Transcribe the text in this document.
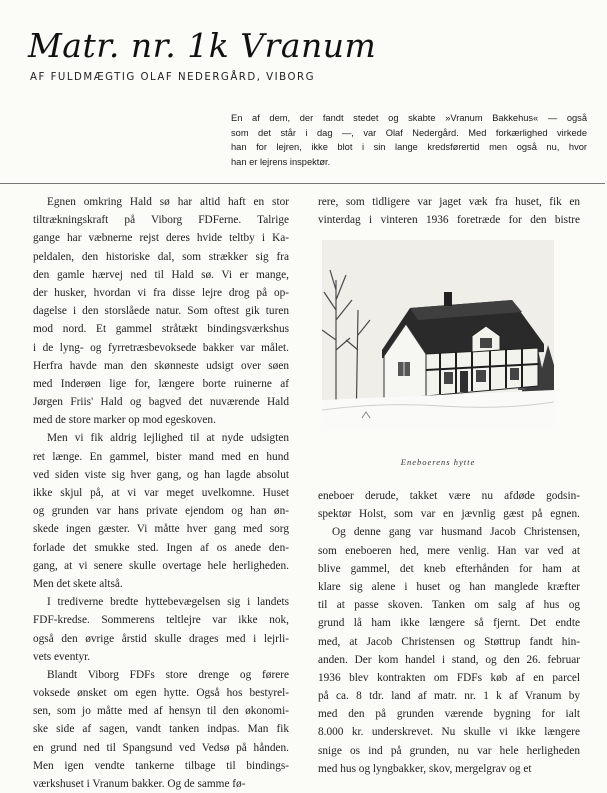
Matr. nr. 1k Vranum
AF FULDMÆGTIG OLAF NEDERGÅRD, VIBORG
En af dem, der fandt stedet og skabte »Vranum Bakkehus« — også
som det står i dag —, var Olaf Nedergård. Med forkærlighed virkede
han for lejren, ikke blot i sin lange kredsførertid men også nu, hvor
han er lejrens inspektør.
Egnen omkring Hald sø har altid haft en stor
tiltrækningskraft på Viborg FDFerne. Talrige
gange har væbnerne rejst deres hvide teltby i Ka-
peldalen, den historiske dal, som strækker sig fra
den gamle hærvej ned til Hald sø. Vi er mange,
der husker, hvordan vi fra disse lejre drog på op-
dagelse i den storslåede natur. Som oftest gik turen
mod nord. Et gammel stråtækt bindingsværkshus
i de lyng- og fyrretræsbevoksede bakker var målet.
Herfra havde man den skønneste udsigt over søen
med Inderøen lige for, længere borte ruinerne af
Jørgen Friis' Hald og bagved det nuværende Hald
med de store marker op mod egeskoven.
Men vi fik aldrig lejlighed til at nyde udsigten
ret længe. En gammel, bister mand med en hund
ved siden viste sig hver gang, og han lagde absolut
ikke skjul på, at vi var meget uvelkomne. Huset
og grunden var hans private ejendom og han øn-
skede ingen gæster. Vi måtte hver gang med sorg
forlade det smukke sted. Ingen af os anede den-
gang, at vi senere skulle overtage hele herligheden.
Men det skete altså.
I trediverne bredte hyttebevægelsen sig i landets
FDF-kredse. Sommerens teltlejre var ikke nok,
også den øvrige årstid skulle drages med i lejrli-
vets eventyr.
Blandt Viborg FDFs store drenge og førere
voksede ønsket om egen hytte. Også hos bestyrel-
sen, som jo måtte med af hensyn til den økonomi-
ske side af sagen, vandt tanken indpas. Man fik
en grund ned til Spangsund ved Vedsø på hånden.
Men igen vendte tankerne tilbage til bindings-
værkshuset i Vranum bakker. Og de samme fø-
rere, som tidligere var jaget væk fra huset, fik en
vinterdag i vinteren 1936 foretræde for den bistre
Eneboerens hytte
eneboer derude, takket være nu afdøde godsin-
spektør Holst, som var en jævnlig gæst på egnen.
Og denne gang var husmand Jacob Christensen,
som eneboeren hed, mere venlig. Han var ved at
blive gammel, det kneb efterhånden for ham at
klare sig alene i huset og han manglede kræfter
til at passe skoven. Tanken om salg af hus og
grund lå ham ikke længere så fjernt. Det endte
med, at Jacob Christensen og Støttrup fandt hin-
anden. Der kom handel i stand, og den 26. februar
1936 blev kontrakten om FDFs køb af en parcel
på ca. 8 tdr. land af matr. nr. 1 k af Vranum by
med den på grunden værende bygning for ialt
8.000 kr. underskrevet. Nu skulle vi ikke længere
snige os ind på grunden, nu var hele herligheden
med hus og lyngbakker, skov, mergelgrav og et
